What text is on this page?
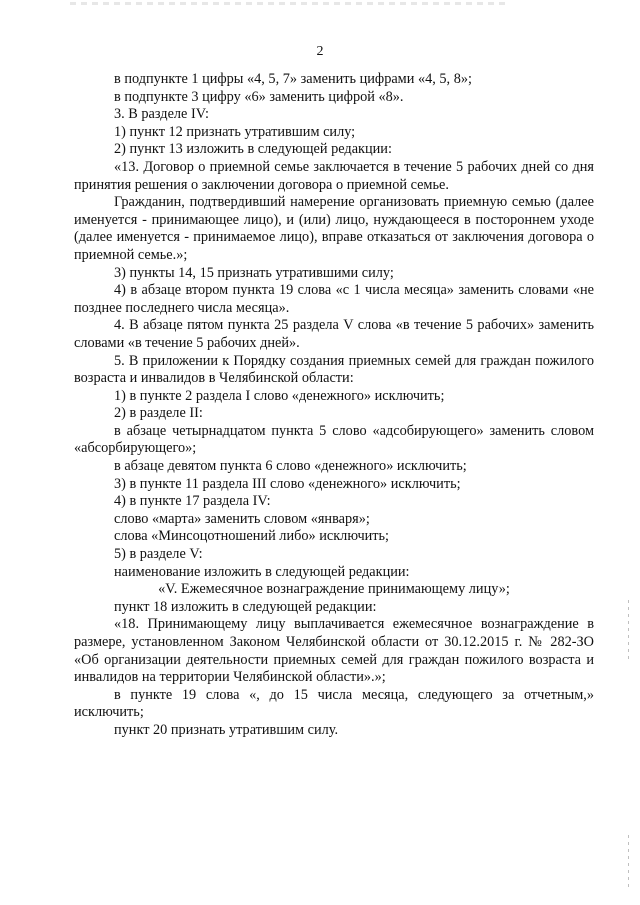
2

в подпункте 1 цифры «4, 5, 7» заменить цифрами «4, 5, 8»;

в подпункте 3 цифру «6» заменить цифрой «8».

3. В разделе IV:

1) пункт 12 признать утратившим силу;

2) пункт 13 изложить в следующей редакции:

«13. Договор о приемной семье заключается в течение 5 рабочих дней со дня принятия решения о заключении договора о приемной семье.

Гражданин, подтвердивший намерение организовать приемную семью (далее именуется - принимающее лицо), и (или) лицо, нуждающееся в постороннем уходе (далее именуется - принимаемое лицо), вправе отказаться от заключения договора о приемной семье.»;

3) пункты 14, 15 признать утратившими силу;

4) в абзаце втором пункта 19 слова «с 1 числа месяца» заменить словами «не позднее последнего числа месяца».

4. В абзаце пятом пункта 25 раздела V слова «в течение 5 рабочих» заменить словами «в течение 5 рабочих дней».

5. В приложении к Порядку создания приемных семей для граждан пожилого возраста и инвалидов в Челябинской области:

1) в пункте 2 раздела I слово «денежного» исключить;

2) в разделе II:

в абзаце четырнадцатом пункта 5 слово «адсобирующего» заменить словом «абсорбирующего»;

в абзаце девятом пункта 6 слово «денежного» исключить;

3) в пункте 11 раздела III слово «денежного» исключить;

4) в пункте 17 раздела IV:

слово «марта» заменить словом «января»;

слова «Минсоцотношений либо» исключить;

5) в разделе V:

наименование изложить в следующей редакции:

«V. Ежемесячное вознаграждение принимающему лицу»;

пункт 18 изложить в следующей редакции:

«18. Принимающему лицу выплачивается ежемесячное вознаграждение в размере, установленном Законом Челябинской области от 30.12.2015 г. № 282-ЗО «Об организации деятельности приемных семей для граждан пожилого возраста и инвалидов на территории Челябинской области».»;

в пункте 19 слова «, до 15 числа месяца, следующего за отчетным,» исключить;

пункт 20 признать утратившим силу.
